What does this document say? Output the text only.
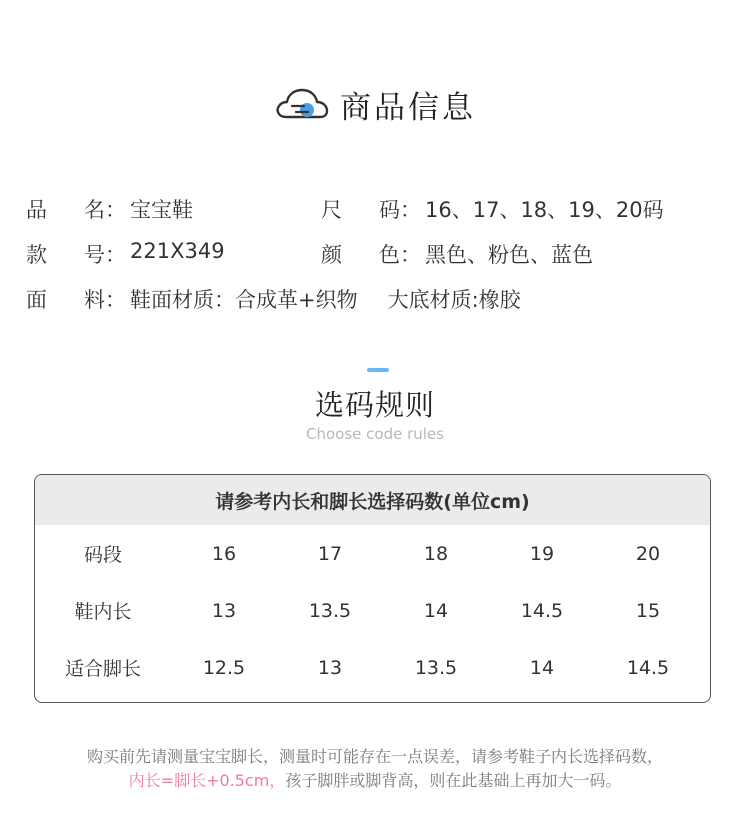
商品信息
品 名： 宝宝鞋	尺 码： 16、17、18、19、20码
款 号： 221X349	颜 色： 黑色、粉色、蓝色
面 料： 鞋面材质：合成革+织物 大底材质:橡胶
选码规则
Choose code rules
请参考内长和脚长选择码数(单位cm)
码段	16	17	18	19	20
鞋内长	13	13.5	14	14.5	15
适合脚长	12.5	13	13.5	14	14.5
购买前先请测量宝宝脚长，测量时可能存在一点误差，请参考鞋子内长选择码数，
内长=脚长+0.5cm，孩子脚胖或脚背高，则在此基础上再加大一码。
